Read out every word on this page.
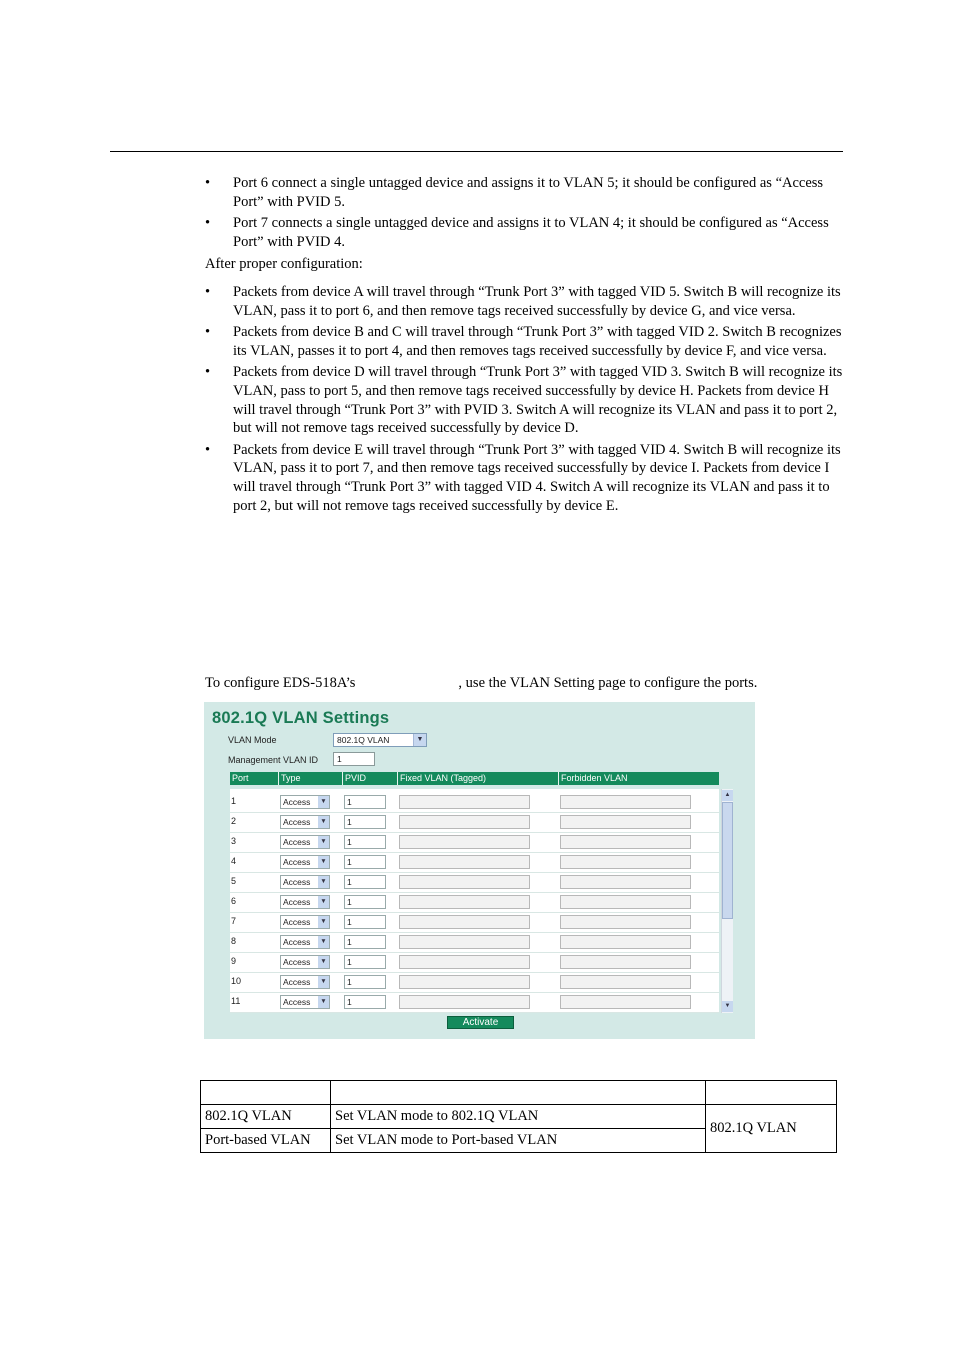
• Port 6 connect a single untagged device and assigns it to VLAN 5; it should be configured as “Access Port” with PVID 5.
• Port 7 connects a single untagged device and assigns it to VLAN 4; it should be configured as “Access Port” with PVID 4.

After proper configuration:

• Packets from device A will travel through “Trunk Port 3” with tagged VID 5. Switch B will recognize its VLAN, pass it to port 6, and then remove tags received successfully by device G, and vice versa.
• Packets from device B and C will travel through “Trunk Port 3” with tagged VID 2. Switch B recognizes its VLAN, passes it to port 4, and then removes tags received successfully by device F, and vice versa.
• Packets from device D will travel through “Trunk Port 3” with tagged VID 3. Switch B will recognize its VLAN, pass to port 5, and then remove tags received successfully by device H. Packets from device H will travel through “Trunk Port 3” with PVID 3. Switch A will recognize its VLAN and pass it to port 2, but will not remove tags received successfully by device D.
• Packets from device E will travel through “Trunk Port 3” with tagged VID 4. Switch B will recognize its VLAN, pass it to port 7, and then remove tags received successfully by device I. Packets from device I will travel through “Trunk Port 3” with tagged VID 4. Switch A will recognize its VLAN and pass it to port 2, but will not remove tags received successfully by device E.

To configure EDS-518A’s	, use the VLAN Setting page to configure the ports.

802.1Q VLAN Settings
VLAN Mode	802.1Q VLAN	▼
Management VLAN ID	1
Port	Type	PVID	Fixed VLAN (Tagged)	Forbidden VLAN
1	Access	▼	1
2	Access	▼	1
3	Access	▼	1
4	Access	▼	1
5	Access	▼	1
6	Access	▼	1
7	Access	▼	1
8	Access	▼	1
9	Access	▼	1
10	Access	▼	1
11	Access	▼	1
▲
▼
Activate

802.1Q VLAN	Set VLAN mode to 802.1Q VLAN	802.1Q VLAN
Port-based VLAN	Set VLAN mode to Port-based VLAN	
